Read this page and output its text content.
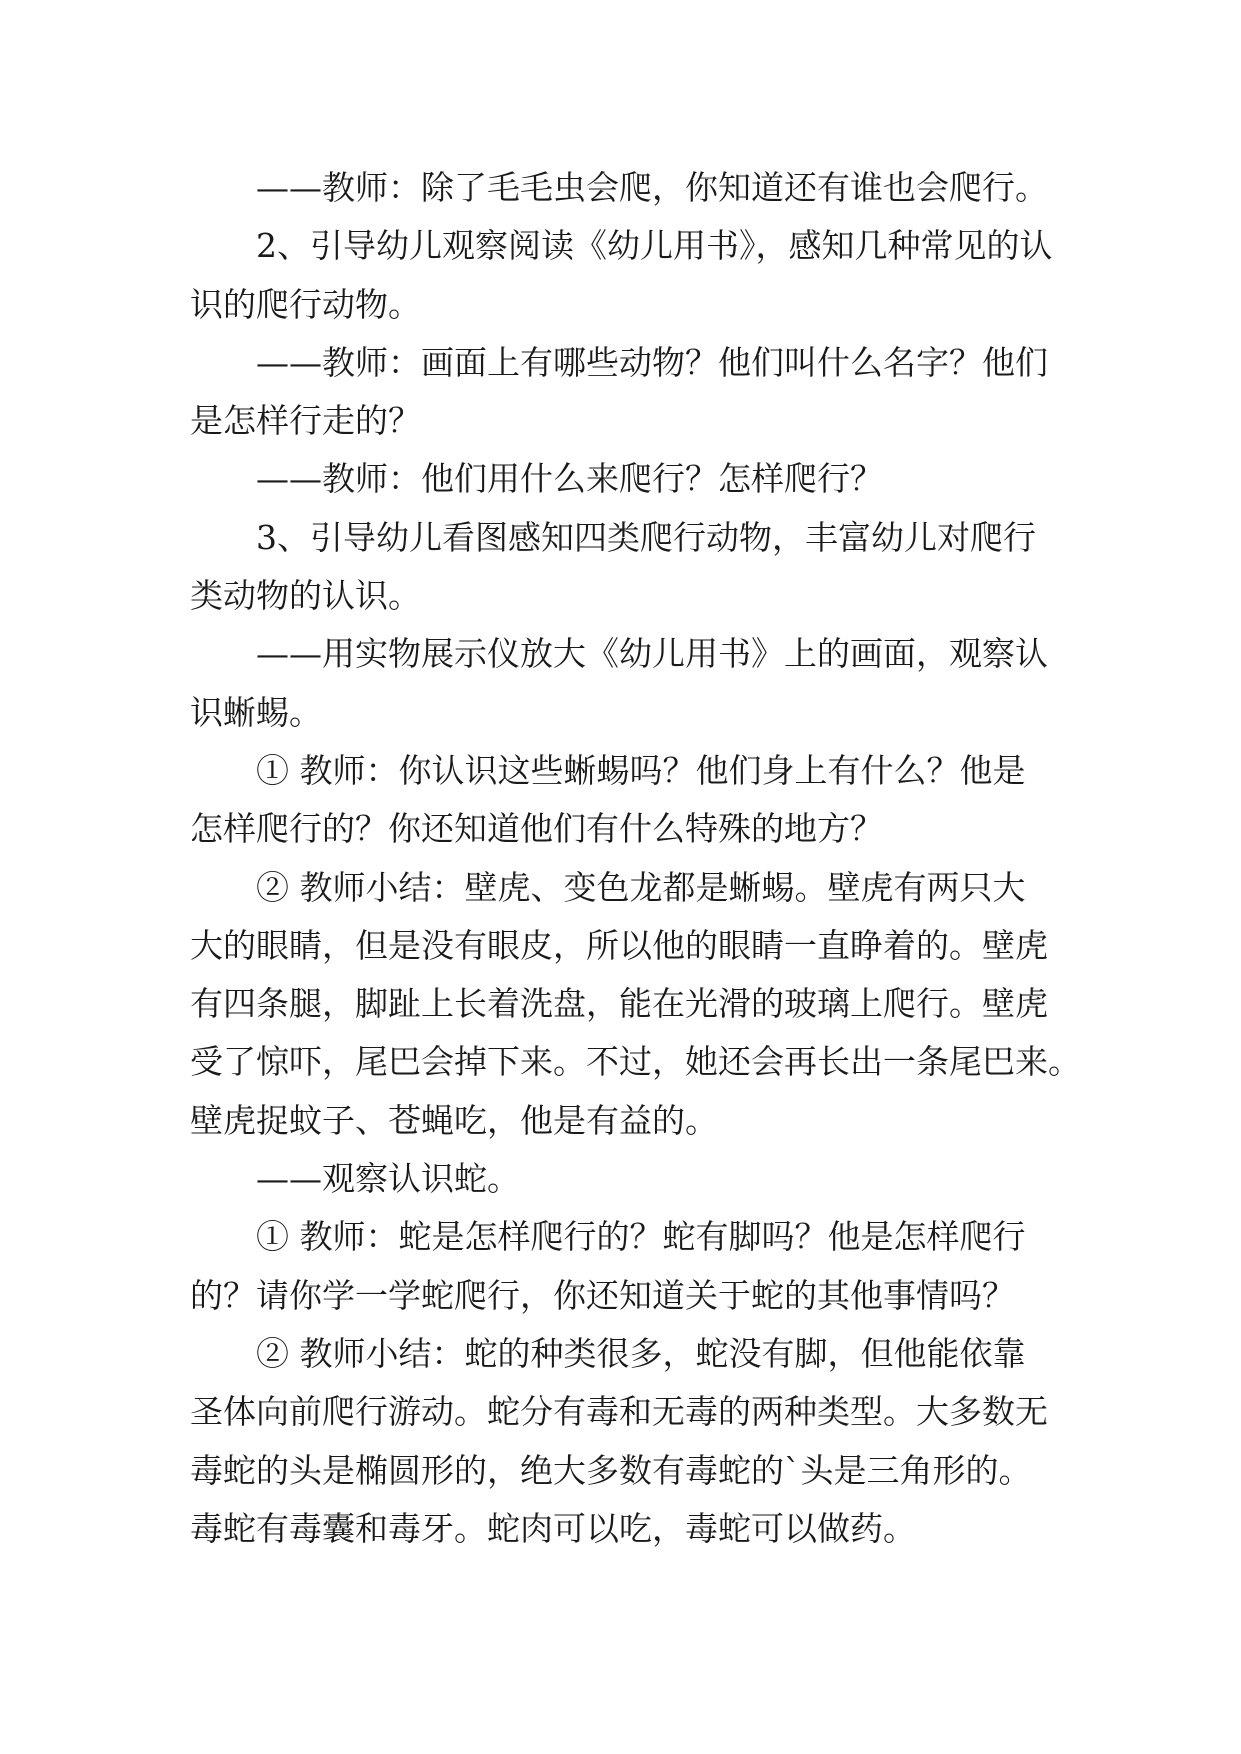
——教师：除了毛毛虫会爬，你知道还有谁也会爬行。
2、引导幼儿观察阅读《幼儿用书》，感知几种常见的认
识的爬行动物。
——教师：画面上有哪些动物？他们叫什么名字？他们
是怎样行走的？
——教师：他们用什么来爬行？怎样爬行？
3、引导幼儿看图感知四类爬行动物，丰富幼儿对爬行
类动物的认识。
——用实物展示仪放大《幼儿用书》上的画面，观察认
识蜥蜴。
① 教师：你认识这些蜥蜴吗？他们身上有什么？他是
怎样爬行的？你还知道他们有什么特殊的地方？
② 教师小结：壁虎、变色龙都是蜥蜴。壁虎有两只大
大的眼睛，但是没有眼皮，所以他的眼睛一直睁着的。壁虎
有四条腿，脚趾上长着洗盘，能在光滑的玻璃上爬行。壁虎
受了惊吓，尾巴会掉下来。不过，她还会再长出一条尾巴来。
壁虎捉蚊子、苍蝇吃，他是有益的。
——观察认识蛇。
① 教师：蛇是怎样爬行的？蛇有脚吗？他是怎样爬行
的？请你学一学蛇爬行，你还知道关于蛇的其他事情吗？
② 教师小结：蛇的种类很多，蛇没有脚，但他能依靠
圣体向前爬行游动。蛇分有毒和无毒的两种类型。大多数无
毒蛇的头是椭圆形的，绝大多数有毒蛇的`头是三角形的。
毒蛇有毒囊和毒牙。蛇肉可以吃，毒蛇可以做药。
